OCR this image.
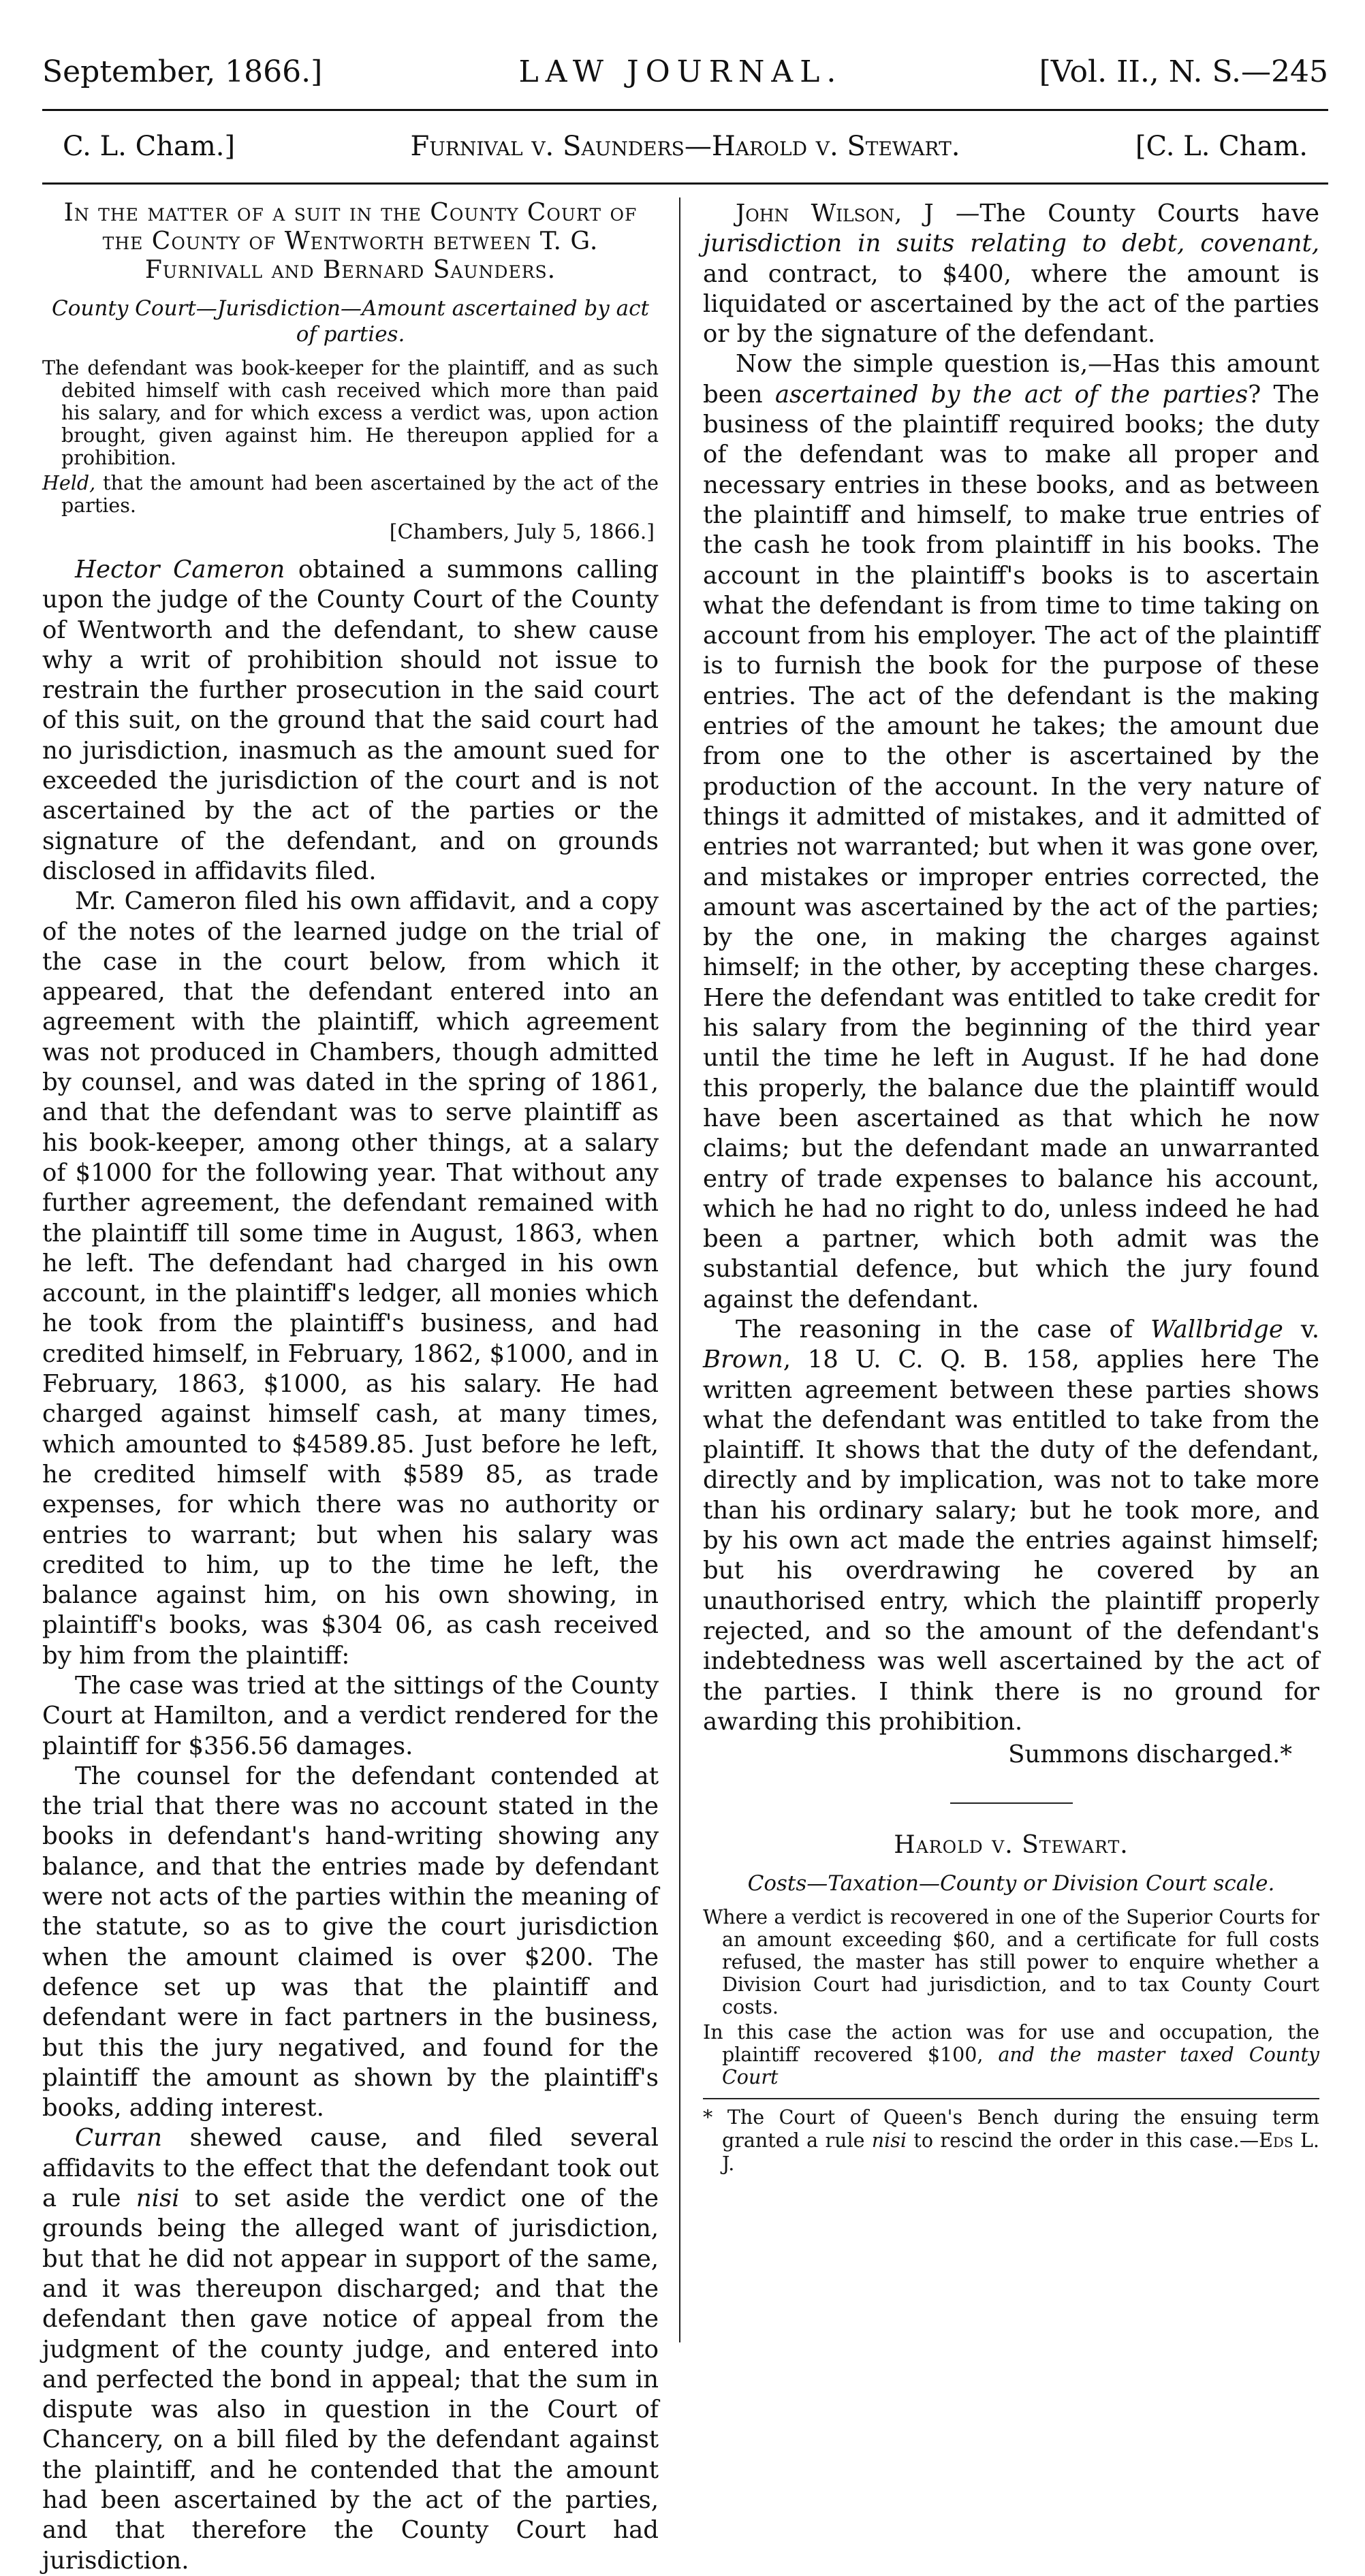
September, 1866.]	LAW JOURNAL.	[Vol. II., N. S.—245
C. L. Cham.]	Furnival v. Saunders—Harold v. Stewart.	[C. L. Cham.

In the matter of a suit in the County Court of the County of Wentworth between T. G. Furnivall and Bernard Saunders.

County Court—Jurisdiction—Amount ascertained by act of parties.

The defendant was book-keeper for the plaintiff, and as such debited himself with cash received which more than paid his salary, and for which excess a verdict was, upon action brought, given against him. He thereupon applied for a prohibition.

Held, that the amount had been ascertained by the act of the parties.

[Chambers, July 5, 1866.]

Hector Cameron obtained a summons calling upon the judge of the County Court of the County of Wentworth and the defendant, to shew cause why a writ of prohibition should not issue to restrain the further prosecution in the said court of this suit, on the ground that the said court had no jurisdiction, inasmuch as the amount sued for exceeded the jurisdiction of the court and is not ascertained by the act of the parties or the signature of the defendant, and on grounds disclosed in affidavits filed.

Mr. Cameron filed his own affidavit, and a copy of the notes of the learned judge on the trial of the case in the court below, from which it appeared, that the defendant entered into an agreement with the plaintiff, which agreement was not produced in Chambers, though admitted by counsel, and was dated in the spring of 1861, and that the defendant was to serve plaintiff as his book-keeper, among other things, at a salary of $1000 for the following year. That without any further agreement, the defendant remained with the plaintiff till some time in August, 1863, when he left. The defendant had charged in his own account, in the plaintiff's ledger, all monies which he took from the plaintiff's business, and had credited himself, in February, 1862, $1000, and in February, 1863, $1000, as his salary. He had charged against himself cash, at many times, which amounted to $4589.85. Just before he left, he credited himself with $589 85, as trade expenses, for which there was no authority or entries to warrant; but when his salary was credited to him, up to the time he left, the balance against him, on his own showing, in plaintiff's books, was $304 06, as cash received by him from the plaintiff:

The case was tried at the sittings of the County Court at Hamilton, and a verdict rendered for the plaintiff for $356.56 damages.

The counsel for the defendant contended at the trial that there was no account stated in the books in defendant's hand-writing showing any balance, and that the entries made by defendant were not acts of the parties within the meaning of the statute, so as to give the court jurisdiction when the amount claimed is over $200. The defence set up was that the plaintiff and defendant were in fact partners in the business, but this the jury negatived, and found for the plaintiff the amount as shown by the plaintiff's books, adding interest.

Curran shewed cause, and filed several affidavits to the effect that the defendant took out a rule nisi to set aside the verdict one of the grounds being the alleged want of jurisdiction, but that he did not appear in support of the same, and it was thereupon discharged; and that the defendant then gave notice of appeal from the judgment of the county judge, and entered into and perfected the bond in appeal; that the sum in dispute was also in question in the Court of Chancery, on a bill filed by the defendant against the plaintiff, and he contended that the amount had been ascertained by the act of the parties, and that therefore the County Court had jurisdiction.

John Wilson, J —The County Courts have jurisdiction in suits relating to debt, covenant, and contract, to $400, where the amount is liquidated or ascertained by the act of the parties or by the signature of the defendant.

Now the simple question is,—Has this amount been ascertained by the act of the parties? The business of the plaintiff required books; the duty of the defendant was to make all proper and necessary entries in these books, and as between the plaintiff and himself, to make true entries of the cash he took from plaintiff in his books. The account in the plaintiff's books is to ascertain what the defendant is from time to time taking on account from his employer. The act of the plaintiff is to furnish the book for the purpose of these entries. The act of the defendant is the making entries of the amount he takes; the amount due from one to the other is ascertained by the production of the account. In the very nature of things it admitted of mistakes, and it admitted of entries not warranted; but when it was gone over, and mistakes or improper entries corrected, the amount was ascertained by the act of the parties; by the one, in making the charges against himself; in the other, by accepting these charges. Here the defendant was entitled to take credit for his salary from the beginning of the third year until the time he left in August. If he had done this properly, the balance due the plaintiff would have been ascertained as that which he now claims; but the defendant made an unwarranted entry of trade expenses to balance his account, which he had no right to do, unless indeed he had been a partner, which both admit was the substantial defence, but which the jury found against the defendant.

The reasoning in the case of Wallbridge v. Brown, 18 U. C. Q. B. 158, applies here The written agreement between these parties shows what the defendant was entitled to take from the plaintiff. It shows that the duty of the defendant, directly and by implication, was not to take more than his ordinary salary; but he took more, and by his own act made the entries against himself; but his overdrawing he covered by an unauthorised entry, which the plaintiff properly rejected, and so the amount of the defendant's indebtedness was well ascertained by the act of the parties. I think there is no ground for awarding this prohibition.

Summons discharged.*

Harold v. Stewart.

Costs—Taxation—County or Division Court scale.

Where a verdict is recovered in one of the Superior Courts for an amount exceeding $60, and a certificate for full costs refused, the master has still power to enquire whether a Division Court had jurisdiction, and to tax County Court costs.

In this case the action was for use and occupation, the plaintiff recovered $100, and the master taxed County Court

* The Court of Queen's Bench during the ensuing term granted a rule nisi to rescind the order in this case.—Eds L. J.
